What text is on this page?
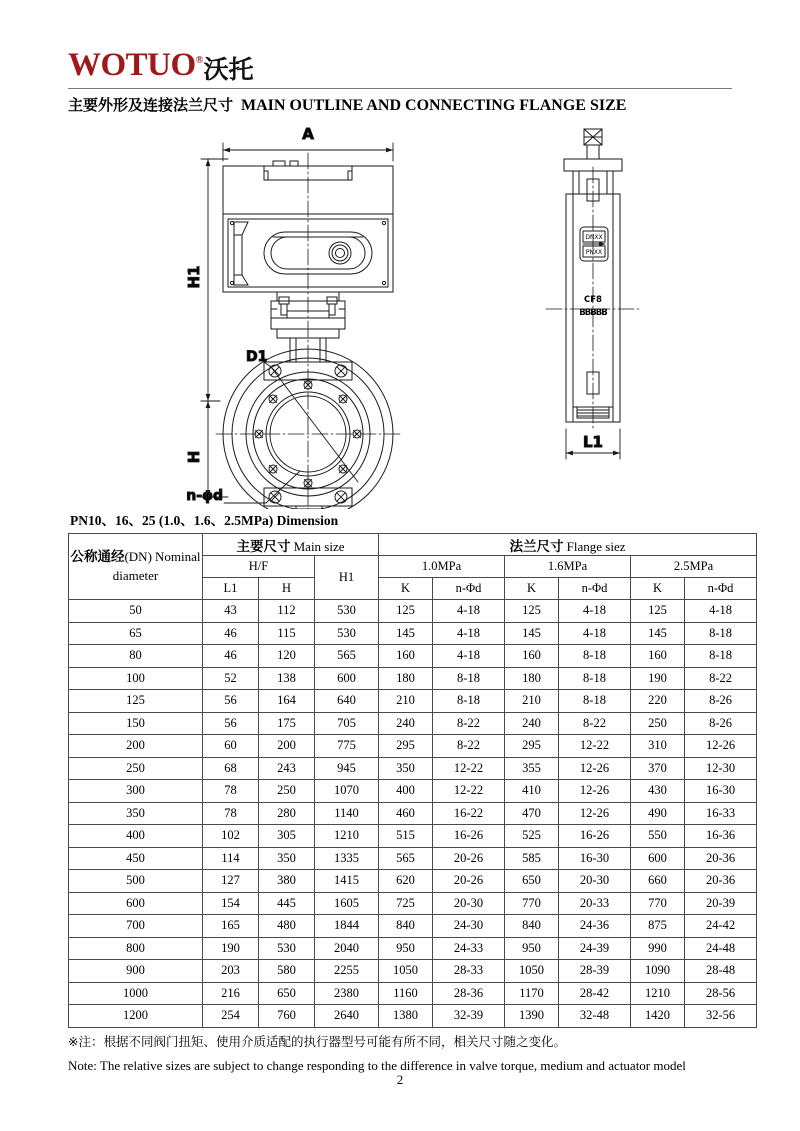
WOTUO® 沃托
主要外形及连接法兰尺寸 MAIN OUTLINE AND CONNECTING FLANGE SIZE
A
H1
H
D1
n-φd
L1
DNXX
PNXX
CF8
BBBBB
PN10、16、25 (1.0、1.6、2.5MPa) Dimension
公称通经(DN) Nominal diameter	主要尺寸 Main size			法兰尺寸 Flange siez					
	H/F		H1	1.0MPa		1.6MPa		2.5MPa	
	L1	H		K	n-Φd	K	n-Φd	K	n-Φd
50	43	112	530	125	4-18	125	4-18	125	4-18
65	46	115	530	145	4-18	145	4-18	145	8-18
80	46	120	565	160	4-18	160	8-18	160	8-18
100	52	138	600	180	8-18	180	8-18	190	8-22
125	56	164	640	210	8-18	210	8-18	220	8-26
150	56	175	705	240	8-22	240	8-22	250	8-26
200	60	200	775	295	8-22	295	12-22	310	12-26
250	68	243	945	350	12-22	355	12-26	370	12-30
300	78	250	1070	400	12-22	410	12-26	430	16-30
350	78	280	1140	460	16-22	470	12-26	490	16-33
400	102	305	1210	515	16-26	525	16-26	550	16-36
450	114	350	1335	565	20-26	585	16-30	600	20-36
500	127	380	1415	620	20-26	650	20-30	660	20-36
600	154	445	1605	725	20-30	770	20-33	770	20-39
700	165	480	1844	840	24-30	840	24-36	875	24-42
800	190	530	2040	950	24-33	950	24-39	990	24-48
900	203	580	2255	1050	28-33	1050	28-39	1090	28-48
1000	216	650	2380	1160	28-36	1170	28-42	1210	28-56
1200	254	760	2640	1380	32-39	1390	32-48	1420	32-56
※注：根据不同阀门扭矩、使用介质适配的执行器型号可能有所不同，相关尺寸随之变化。
Note: The relative sizes are subject to change responding to the difference in valve torque, medium and actuator model
2
